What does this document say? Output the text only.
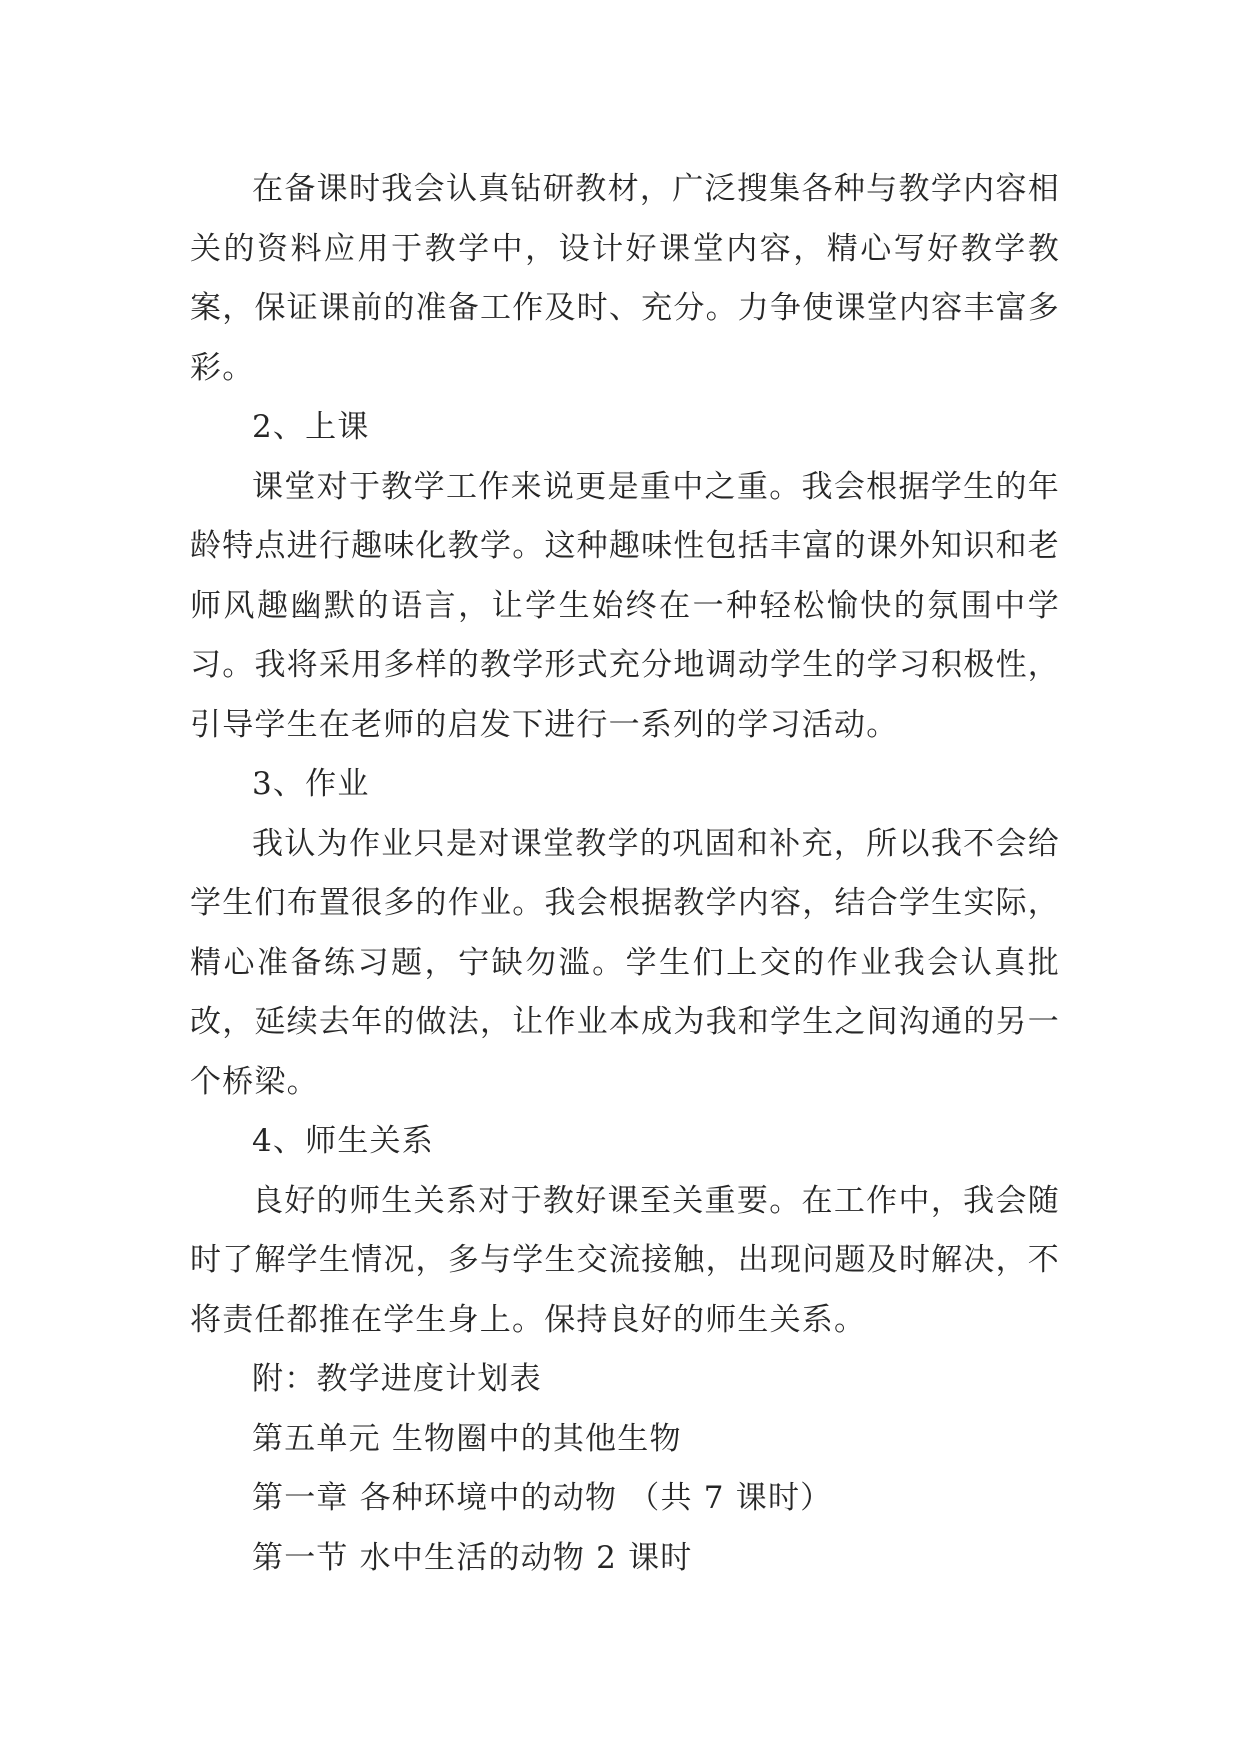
在备课时我会认真钻研教材，广泛搜集各种与教学内容相关的资料应用于教学中，设计好课堂内容，精心写好教学教案，保证课前的准备工作及时、充分。力争使课堂内容丰富多彩。

2、上课

课堂对于教学工作来说更是重中之重。我会根据学生的年龄特点进行趣味化教学。这种趣味性包括丰富的课外知识和老师风趣幽默的语言，让学生始终在一种轻松愉快的氛围中学习。我将采用多样的教学形式充分地调动学生的学习积极性，引导学生在老师的启发下进行一系列的学习活动。

3、作业

我认为作业只是对课堂教学的巩固和补充，所以我不会给学生们布置很多的作业。我会根据教学内容，结合学生实际，精心准备练习题，宁缺勿滥。学生们上交的作业我会认真批改，延续去年的做法，让作业本成为我和学生之间沟通的另一个桥梁。

4、师生关系

良好的师生关系对于教好课至关重要。在工作中，我会随时了解学生情况，多与学生交流接触，出现问题及时解决，不将责任都推在学生身上。保持良好的师生关系。

附：教学进度计划表

第五单元 生物圈中的其他生物

第一章 各种环境中的动物 （共 7 课时）

第一节 水中生活的动物 2 课时
